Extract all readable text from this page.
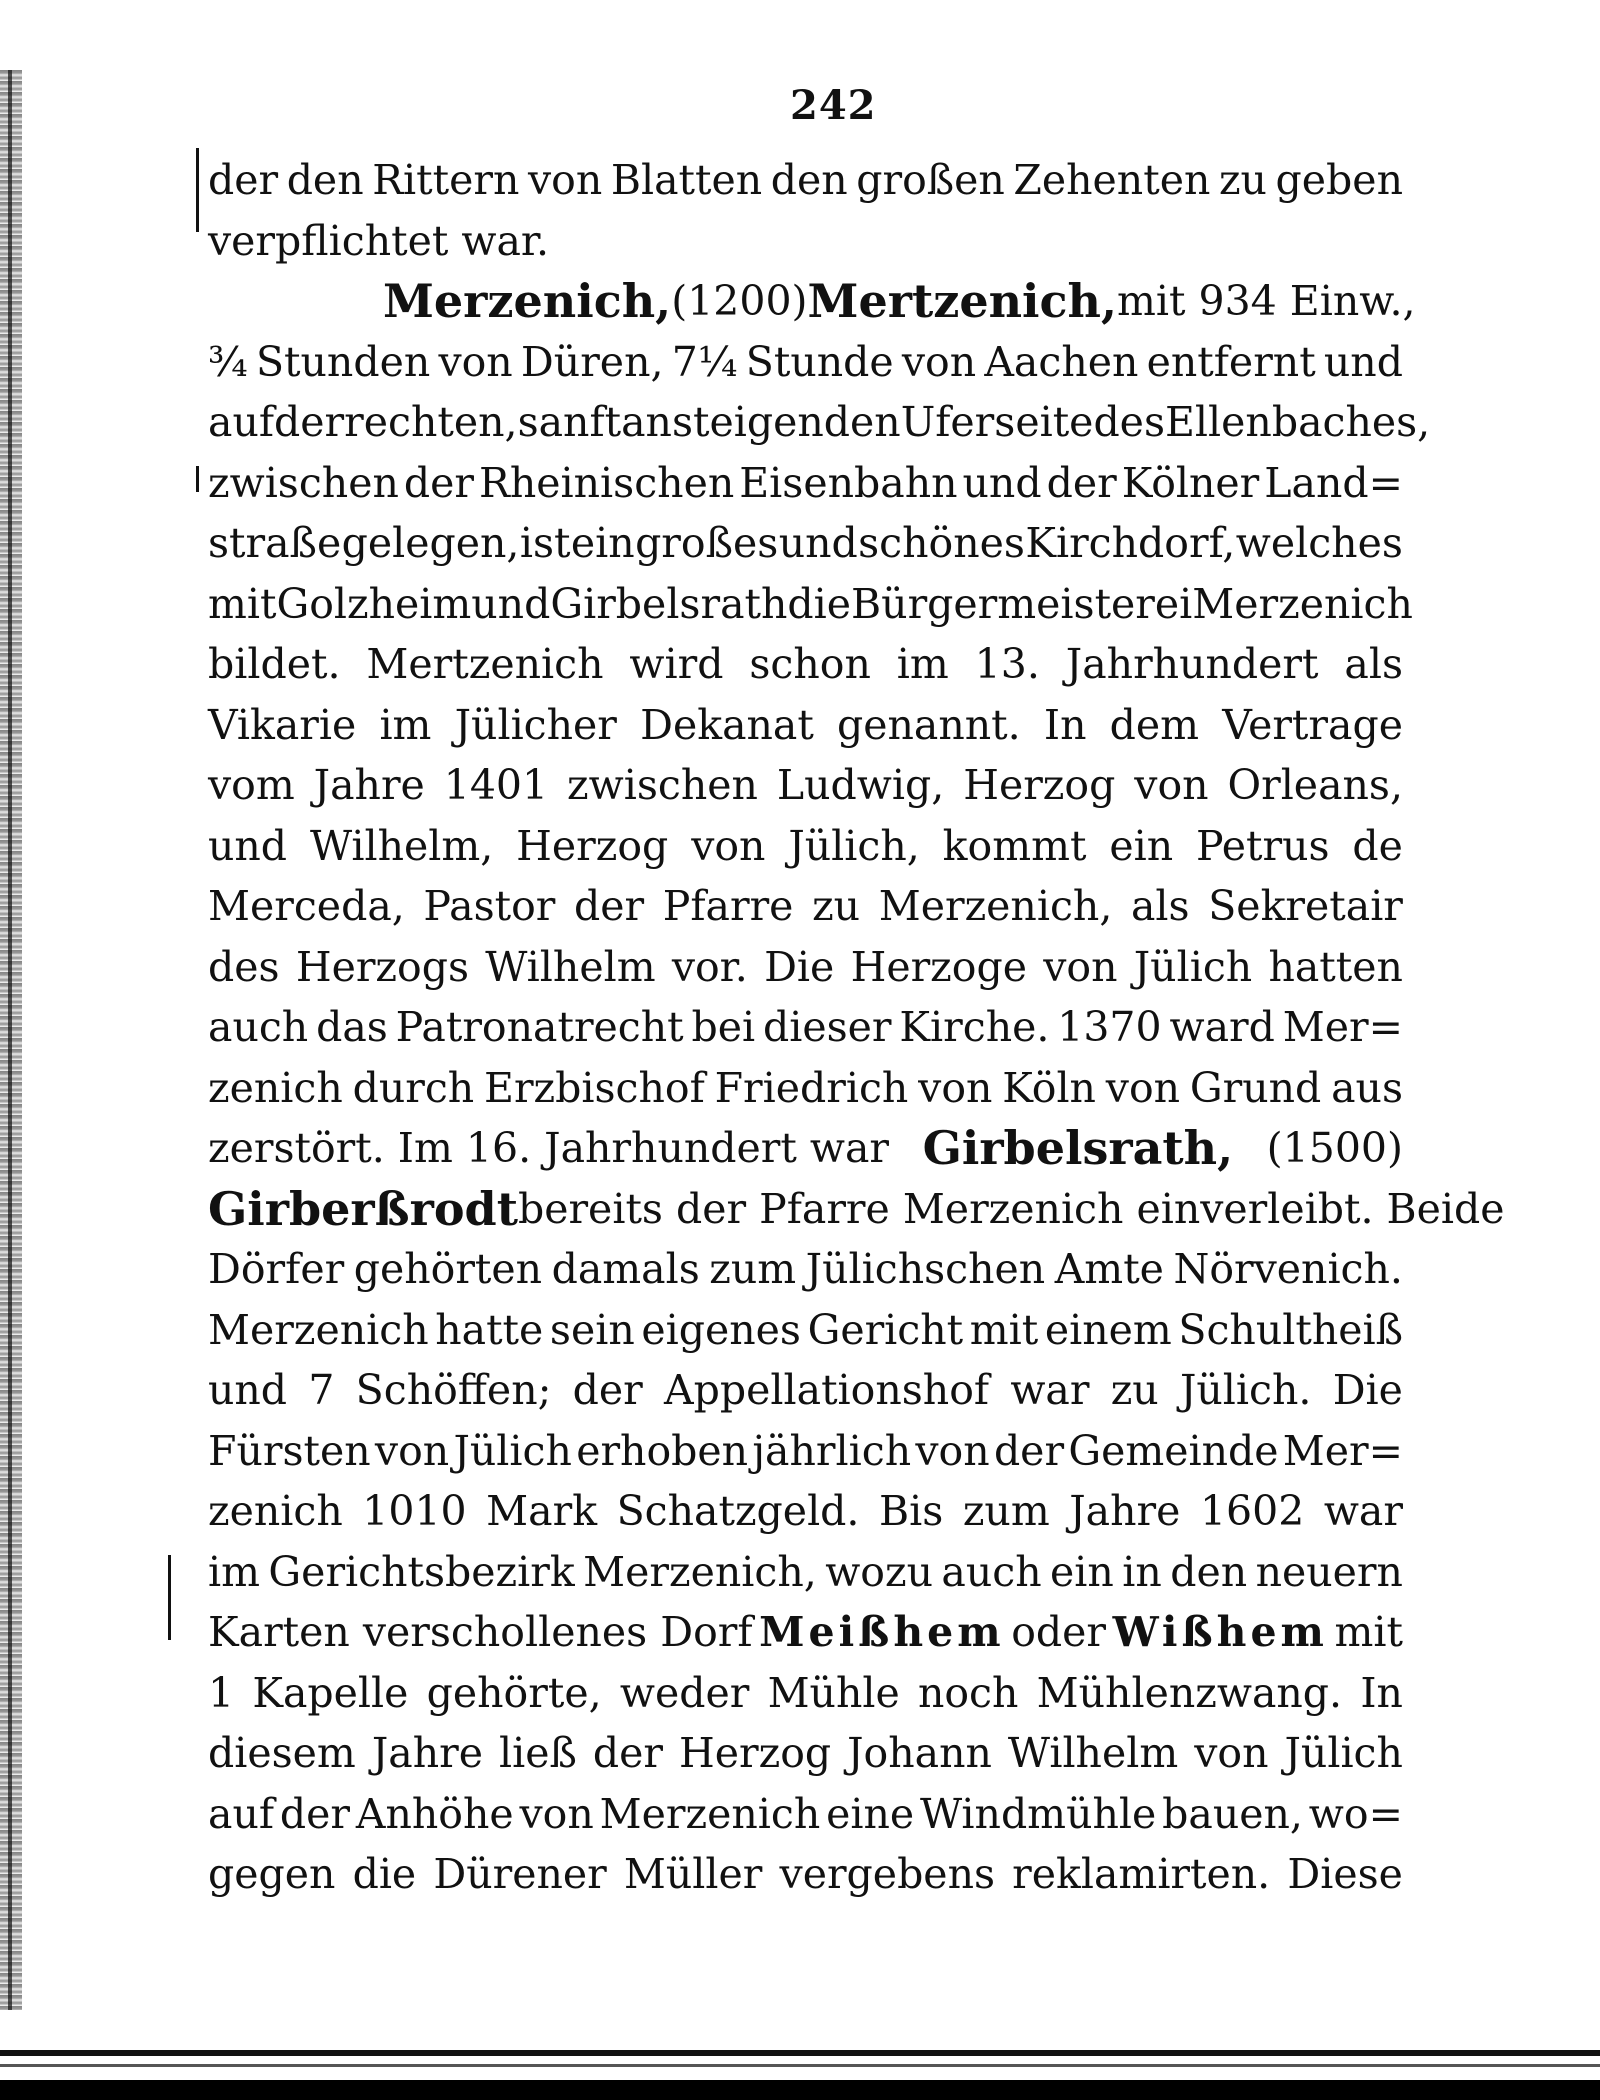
242
der den Rittern von Blatten den großen Zehenten zu geben
verpflichtet war.
Merzenich, (1200) Mertzenich, mit 934 Einw.,
¾ Stunden von Düren, 7¼ Stunde von Aachen entfernt und
auf der rechten, sanft ansteigenden Uferseite des Ellenbaches,
zwischen der Rheinischen Eisenbahn und der Kölner Land=
straße gelegen, ist ein großes und schönes Kirchdorf, welches
mit Golzheim und Girbelsrath die Bürgermeisterei Merzenich
bildet. Mertzenich wird schon im 13. Jahrhundert als
Vikarie im Jülicher Dekanat genannt. In dem Vertrage
vom Jahre 1401 zwischen Ludwig, Herzog von Orleans,
und Wilhelm, Herzog von Jülich, kommt ein Petrus de
Merceda, Pastor der Pfarre zu Merzenich, als Sekretair
des Herzogs Wilhelm vor. Die Herzoge von Jülich hatten
auch das Patronatrecht bei dieser Kirche. 1370 ward Mer=
zenich durch Erzbischof Friedrich von Köln von Grund aus
zerstört. Im 16. Jahrhundert war Girbelsrath, (1500)
Girberßrodt bereits der Pfarre Merzenich einverleibt. Beide
Dörfer gehörten damals zum Jülichschen Amte Nörvenich.
Merzenich hatte sein eigenes Gericht mit einem Schultheiß
und 7 Schöffen; der Appellationshof war zu Jülich. Die
Fürsten von Jülich erhoben jährlich von der Gemeinde Mer=
zenich 1010 Mark Schatzgeld. Bis zum Jahre 1602 war
im Gerichtsbezirk Merzenich, wozu auch ein in den neuern
Karten verschollenes Dorf Meißhem oder Wißhem mit
1 Kapelle gehörte, weder Mühle noch Mühlenzwang. In
diesem Jahre ließ der Herzog Johann Wilhelm von Jülich
auf der Anhöhe von Merzenich eine Windmühle bauen, wo=
gegen die Dürener Müller vergebens reklamirten. Diese
